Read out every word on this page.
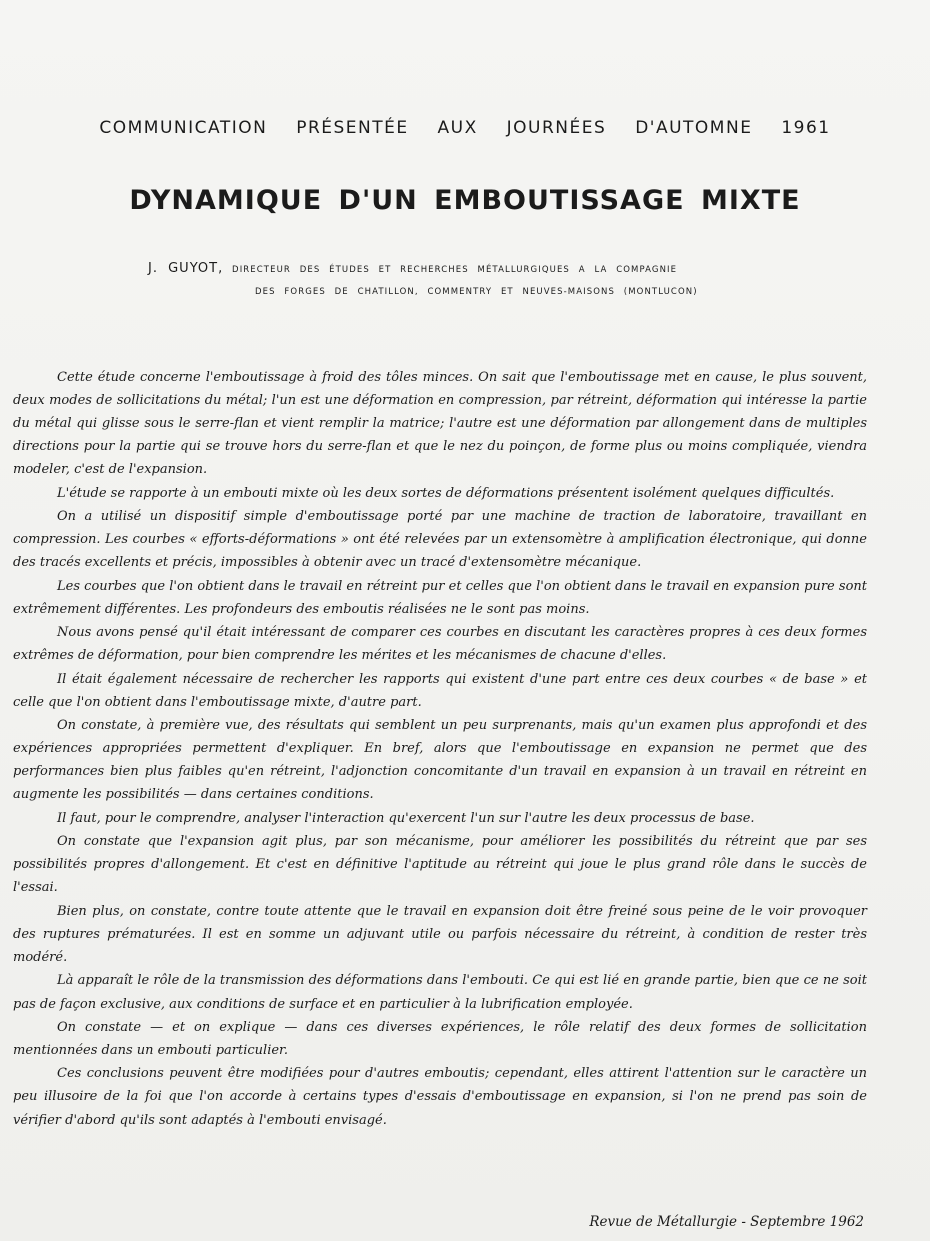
COMMUNICATION PRÉSENTÉE AUX JOURNÉES D'AUTOMNE 1961
DYNAMIQUE D'UN EMBOUTISSAGE MIXTE
J. GUYOT, DIRECTEUR DES ÉTUDES ET RECHERCHES MÉTALLURGIQUES A LA COMPAGNIE
DES FORGES DE CHATILLON, COMMENTRY ET NEUVES-MAISONS (MONTLUCON)

Cette étude concerne l'emboutissage à froid des tôles minces. On sait que l'emboutissage met en cause, le plus souvent, deux modes de sollicitations du métal; l'un est une déformation en compression, par rétreint, déformation qui intéresse la partie du métal qui glisse sous le serre-flan et vient remplir la matrice; l'autre est une déformation par allongement dans de multiples directions pour la partie qui se trouve hors du serre-flan et que le nez du poinçon, de forme plus ou moins compliquée, viendra modeler, c'est de l'expansion.

L'étude se rapporte à un embouti mixte où les deux sortes de déformations présentent isolément quelques difficultés.

On a utilisé un dispositif simple d'emboutissage porté par une machine de traction de laboratoire, travaillant en compression. Les courbes « efforts-déformations » ont été relevées par un extensomètre à amplification électronique, qui donne des tracés excellents et précis, impossibles à obtenir avec un tracé d'extensomètre mécanique.

Les courbes que l'on obtient dans le travail en rétreint pur et celles que l'on obtient dans le travail en expansion pure sont extrêmement différentes. Les profondeurs des emboutis réalisées ne le sont pas moins.

Nous avons pensé qu'il était intéressant de comparer ces courbes en discutant les caractères propres à ces deux formes extrêmes de déformation, pour bien comprendre les mérites et les mécanismes de chacune d'elles.

Il était également nécessaire de rechercher les rapports qui existent d'une part entre ces deux courbes « de base » et celle que l'on obtient dans l'emboutissage mixte, d'autre part.

On constate, à première vue, des résultats qui semblent un peu surprenants, mais qu'un examen plus approfondi et des expériences appropriées permettent d'expliquer. En bref, alors que l'emboutissage en expansion ne permet que des performances bien plus faibles qu'en rétreint, l'adjonction concomitante d'un travail en expansion à un travail en rétreint en augmente les possibilités — dans certaines conditions.

Il faut, pour le comprendre, analyser l'interaction qu'exercent l'un sur l'autre les deux processus de base.

On constate que l'expansion agit plus, par son mécanisme, pour améliorer les possibilités du rétreint que par ses possibilités propres d'allongement. Et c'est en définitive l'aptitude au rétreint qui joue le plus grand rôle dans le succès de l'essai.

Bien plus, on constate, contre toute attente que le travail en expansion doit être freiné sous peine de le voir provoquer des ruptures prématurées. Il est en somme un adjuvant utile ou parfois nécessaire du rétreint, à condition de rester très modéré.

Là apparaît le rôle de la transmission des déformations dans l'embouti. Ce qui est lié en grande partie, bien que ce ne soit pas de façon exclusive, aux conditions de surface et en particulier à la lubrification employée.

On constate — et on explique — dans ces diverses expériences, le rôle relatif des deux formes de sollicitation mentionnées dans un embouti particulier.

Ces conclusions peuvent être modifiées pour d'autres emboutis; cependant, elles attirent l'attention sur le caractère un peu illusoire de la foi que l'on accorde à certains types d'essais d'emboutissage en expansion, si l'on ne prend pas soin de vérifier d'abord qu'ils sont adaptés à l'embouti envisagé.

Revue de Métallurgie - Septembre 1962
